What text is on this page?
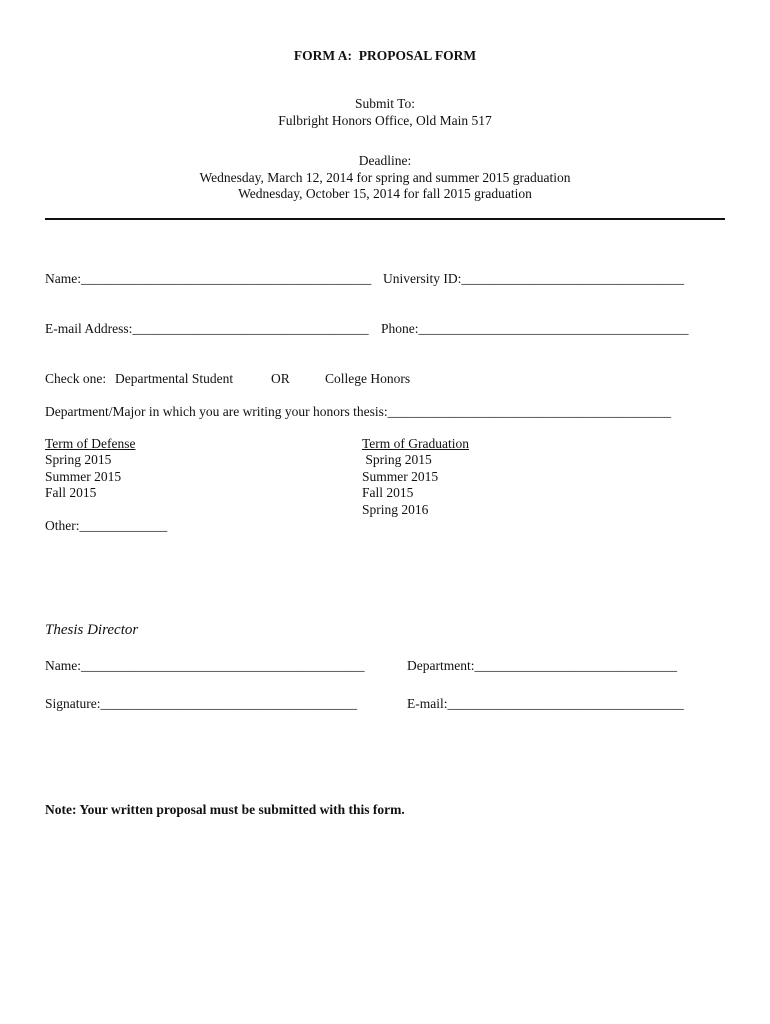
FORM A:  PROPOSAL FORM
Submit To:
Fulbright Honors Office, Old Main 517
Deadline:
Wednesday, March 12, 2014 for spring and summer 2015 graduation
Wednesday, October 15, 2014 for fall 2015 graduation
Name:___________________________________________ University ID:_________________________________
E-mail Address:___________________________________ Phone:________________________________________
Check one: Departmental Student	OR	College Honors
Department/Major in which you are writing your honors thesis:__________________________________________
Term of Defense
Spring 2015
Summer 2015
Fall 2015
Other:_____________
Term of Graduation
Spring 2015
Summer 2015
Fall 2015
Spring 2016
Thesis Director
Name:__________________________________________	Department:______________________________
Signature:______________________________________	E-mail:___________________________________
Note: Your written proposal must be submitted with this form.
